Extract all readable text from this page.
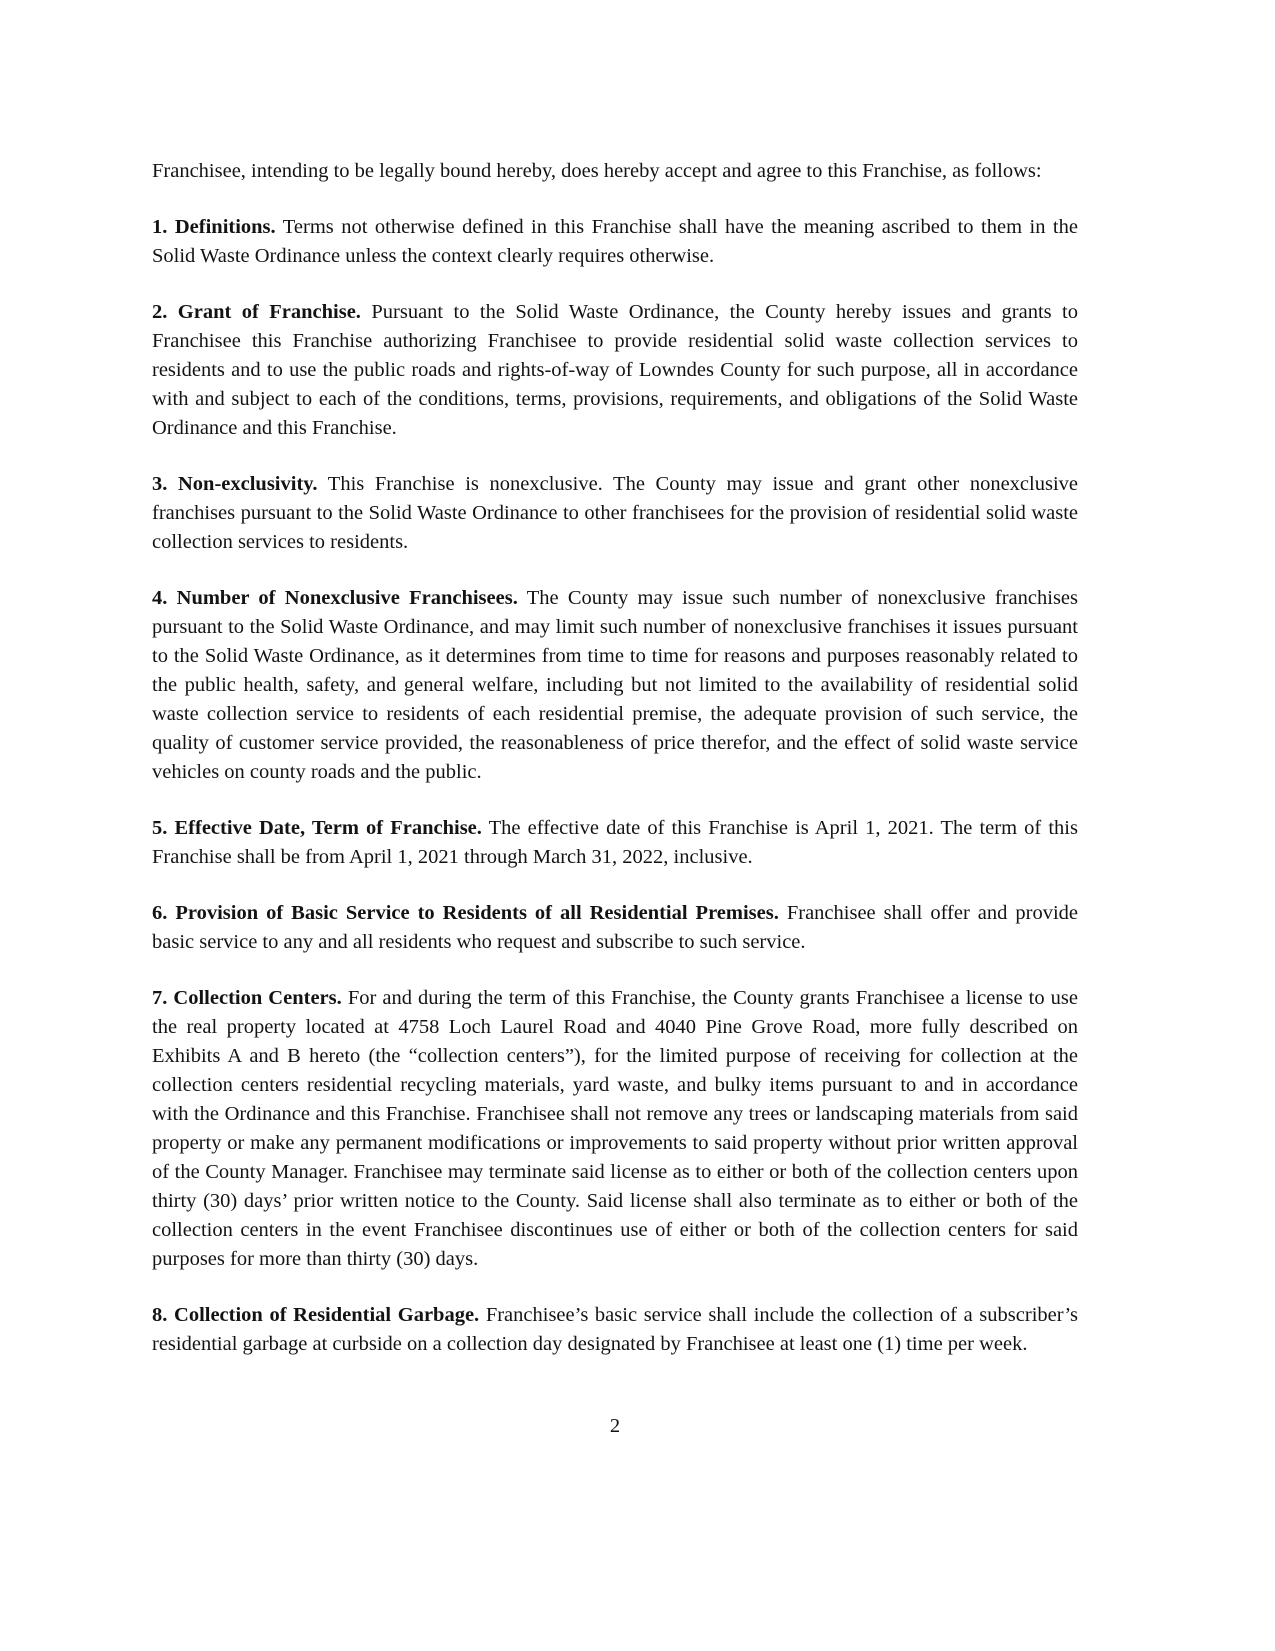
Franchisee, intending to be legally bound hereby, does hereby accept and agree to this Franchise, as follows:

1. Definitions. Terms not otherwise defined in this Franchise shall have the meaning ascribed to them in the Solid Waste Ordinance unless the context clearly requires otherwise.

2. Grant of Franchise. Pursuant to the Solid Waste Ordinance, the County hereby issues and grants to Franchisee this Franchise authorizing Franchisee to provide residential solid waste collection services to residents and to use the public roads and rights-of-way of Lowndes County for such purpose, all in accordance with and subject to each of the conditions, terms, provisions, requirements, and obligations of the Solid Waste Ordinance and this Franchise.

3. Non-exclusivity. This Franchise is nonexclusive. The County may issue and grant other nonexclusive franchises pursuant to the Solid Waste Ordinance to other franchisees for the provision of residential solid waste collection services to residents.

4. Number of Nonexclusive Franchisees. The County may issue such number of nonexclusive franchises pursuant to the Solid Waste Ordinance, and may limit such number of nonexclusive franchises it issues pursuant to the Solid Waste Ordinance, as it determines from time to time for reasons and purposes reasonably related to the public health, safety, and general welfare, including but not limited to the availability of residential solid waste collection service to residents of each residential premise, the adequate provision of such service, the quality of customer service provided, the reasonableness of price therefor, and the effect of solid waste service vehicles on county roads and the public.

5. Effective Date, Term of Franchise. The effective date of this Franchise is April 1, 2021. The term of this Franchise shall be from April 1, 2021 through March 31, 2022, inclusive.

6. Provision of Basic Service to Residents of all Residential Premises. Franchisee shall offer and provide basic service to any and all residents who request and subscribe to such service.

7. Collection Centers. For and during the term of this Franchise, the County grants Franchisee a license to use the real property located at 4758 Loch Laurel Road and 4040 Pine Grove Road, more fully described on Exhibits A and B hereto (the “collection centers”), for the limited purpose of receiving for collection at the collection centers residential recycling materials, yard waste, and bulky items pursuant to and in accordance with the Ordinance and this Franchise. Franchisee shall not remove any trees or landscaping materials from said property or make any permanent modifications or improvements to said property without prior written approval of the County Manager. Franchisee may terminate said license as to either or both of the collection centers upon thirty (30) days’ prior written notice to the County. Said license shall also terminate as to either or both of the collection centers in the event Franchisee discontinues use of either or both of the collection centers for said purposes for more than thirty (30) days.

8. Collection of Residential Garbage. Franchisee’s basic service shall include the collection of a subscriber’s residential garbage at curbside on a collection day designated by Franchisee at least one (1) time per week.

2
